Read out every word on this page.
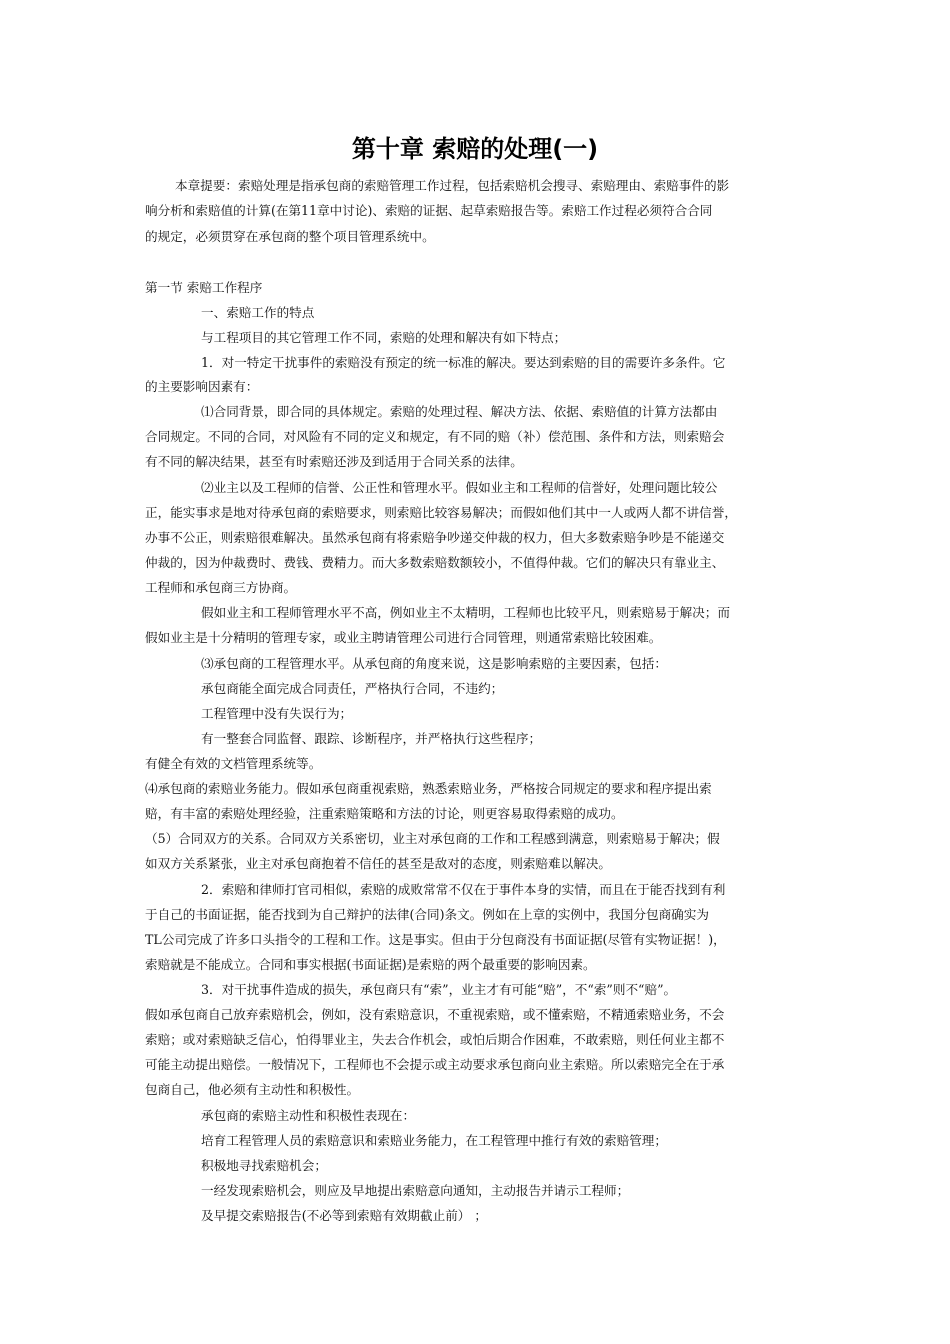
第十章 索赔的处理(一)
本章提要：索赔处理是指承包商的索赔管理工作过程，包括索赔机会搜寻、索赔理由、索赔事件的影
响分析和索赔值的计算(在第11章中讨论)、索赔的证据、起草索赔报告等。索赔工作过程必须符合合同
的规定，必须贯穿在承包商的整个项目管理系统中。
第一节 索赔工作程序
一、索赔工作的特点
与工程项目的其它管理工作不同，索赔的处理和解决有如下特点；
1．对一特定干扰事件的索赔没有预定的统一标准的解决。要达到索赔的目的需要许多条件。它
的主要影响因素有：
⑴合同背景，即合同的具体规定。索赔的处理过程、解决方法、依据、索赔值的计算方法都由
合同规定。不同的合同，对风险有不同的定义和规定，有不同的赔（补）偿范围、条件和方法，则索赔会
有不同的解决结果，甚至有时索赔还涉及到适用于合同关系的法律。
⑵业主以及工程师的信誉、公正性和管理水平。假如业主和工程师的信誉好，处理问题比较公
正，能实事求是地对待承包商的索赔要求，则索赔比较容易解决；而假如他们其中一人或两人都不讲信誉，
办事不公正，则索赔很难解决。虽然承包商有将索赔争吵递交仲裁的权力，但大多数索赔争吵是不能递交
仲裁的，因为仲裁费时、费钱、费精力。而大多数索赔数额较小，不值得仲裁。它们的解决只有靠业主、
工程师和承包商三方协商。
假如业主和工程师管理水平不高，例如业主不太精明，工程师也比较平凡，则索赔易于解决；而
假如业主是十分精明的管理专家，或业主聘请管理公司进行合同管理，则通常索赔比较困难。
⑶承包商的工程管理水平。从承包商的角度来说，这是影响索赔的主要因素，包括：
承包商能全面完成合同责任，严格执行合同，不违约；
工程管理中没有失误行为；
有一整套合同监督、跟踪、诊断程序，并严格执行这些程序；
有健全有效的文档管理系统等。
⑷承包商的索赔业务能力。假如承包商重视索赔，熟悉索赔业务，严格按合同规定的要求和程序提出索
赔，有丰富的索赔处理经验，注重索赔策略和方法的讨论，则更容易取得索赔的成功。
（5）合同双方的关系。合同双方关系密切，业主对承包商的工作和工程感到满意，则索赔易于解决；假
如双方关系紧张，业主对承包商抱着不信任的甚至是敌对的态度，则索赔难以解决。
2．索赔和律师打官司相似，索赔的成败常常不仅在于事件本身的实情，而且在于能否找到有利
于自己的书面证据，能否找到为自己辩护的法律(合同)条文。例如在上章的实例中，我国分包商确实为
TL公司完成了许多口头指令的工程和工作。这是事实。但由于分包商没有书面证据(尽管有实物证据！)，
索赔就是不能成立。合同和事实根据(书面证据)是索赔的两个最重要的影响因素。
3．对干扰事件造成的损失，承包商只有“索”，业主才有可能“赔”，不“索”则不“赔”。
假如承包商自己放弃索赔机会，例如，没有索赔意识，不重视索赔，或不懂索赔，不精通索赔业务，不会
索赔；或对索赔缺乏信心，怕得罪业主，失去合作机会，或怕后期合作困难，不敢索赔，则任何业主都不
可能主动提出赔偿。一般情况下，工程师也不会提示或主动要求承包商向业主索赔。所以索赔完全在于承
包商自己，他必须有主动性和积极性。
承包商的索赔主动性和积极性表现在：
培育工程管理人员的索赔意识和索赔业务能力，在工程管理中推行有效的索赔管理；
积极地寻找索赔机会；
一经发现索赔机会，则应及早地提出索赔意向通知，主动报告并请示工程师；
及早提交索赔报告(不必等到索赔有效期截止前） ；
